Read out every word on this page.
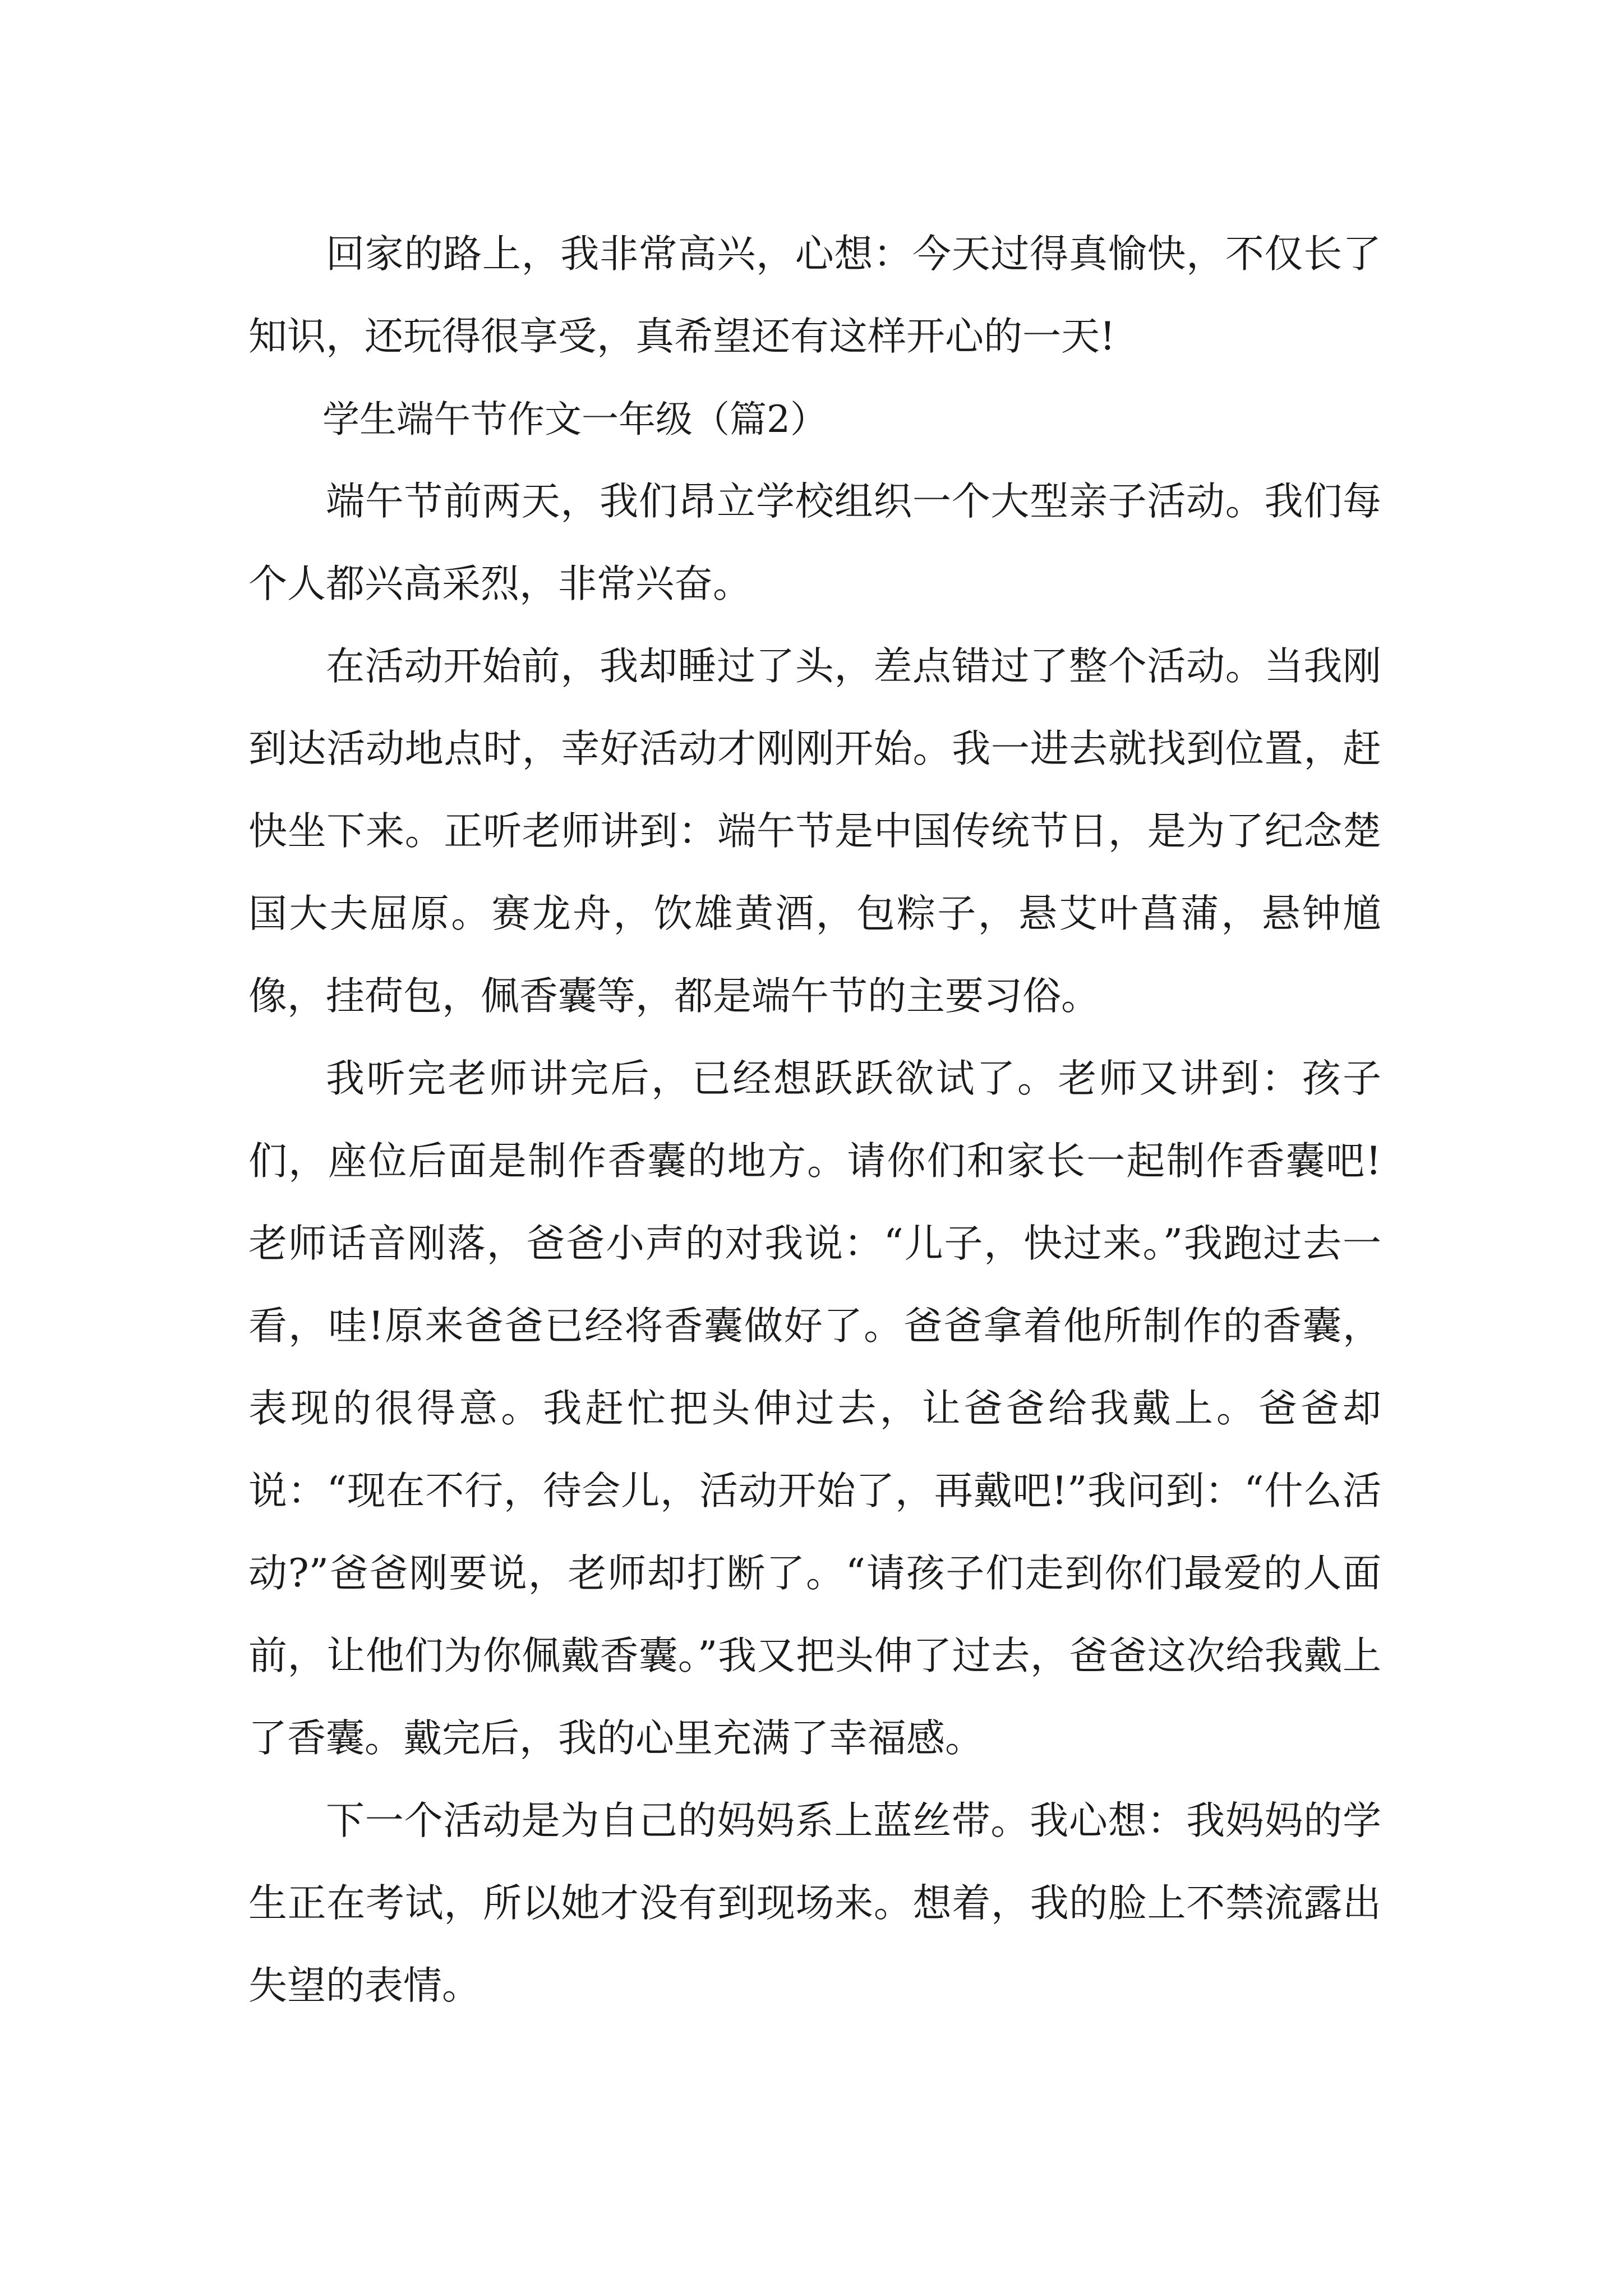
回家的路上，我非常高兴，心想：今天过得真愉快，不仅长了知识，还玩得很享受，真希望还有这样开心的一天!

学生端午节作文一年级（篇2）

端午节前两天，我们昂立学校组织一个大型亲子活动。我们每个人都兴高采烈，非常兴奋。

在活动开始前，我却睡过了头，差点错过了整个活动。当我刚到达活动地点时，幸好活动才刚刚开始。我一进去就找到位置，赶快坐下来。正听老师讲到：端午节是中国传统节日，是为了纪念楚国大夫屈原。赛龙舟，饮雄黄酒，包粽子，悬艾叶菖蒲，悬钟馗像，挂荷包，佩香囊等，都是端午节的主要习俗。

我听完老师讲完后，已经想跃跃欲试了。老师又讲到：孩子们，座位后面是制作香囊的地方。请你们和家长一起制作香囊吧!老师话音刚落，爸爸小声的对我说：“儿子，快过来。”我跑过去一看，哇!原来爸爸已经将香囊做好了。爸爸拿着他所制作的香囊，表现的很得意。我赶忙把头伸过去，让爸爸给我戴上。爸爸却说：“现在不行，待会儿，活动开始了，再戴吧!”我问到：“什么活动?”爸爸刚要说，老师却打断了。“请孩子们走到你们最爱的人面前，让他们为你佩戴香囊。”我又把头伸了过去，爸爸这次给我戴上了香囊。戴完后，我的心里充满了幸福感。

下一个活动是为自己的妈妈系上蓝丝带。我心想：我妈妈的学生正在考试，所以她才没有到现场来。想着，我的脸上不禁流露出失望的表情。
